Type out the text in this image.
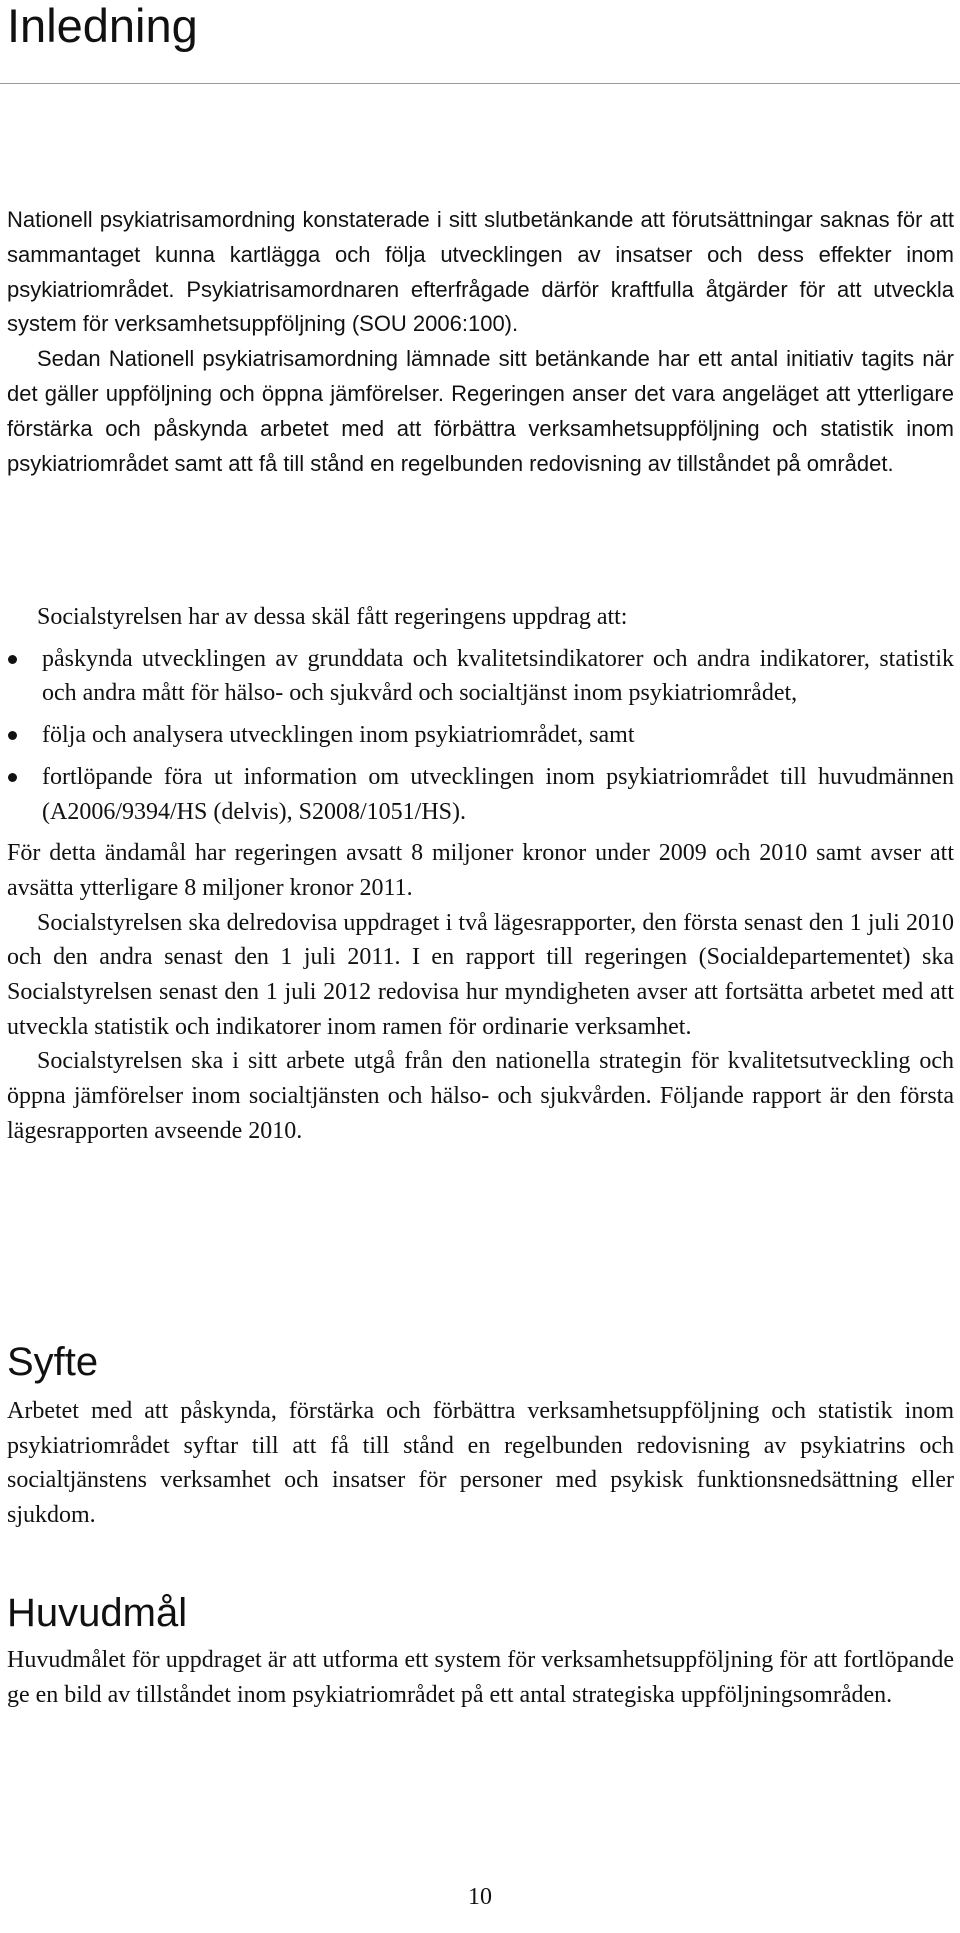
Inledning

Nationell psykiatrisamordning konstaterade i sitt slutbetänkande att förutsättningar saknas för att sammantaget kunna kartlägga och följa utvecklingen av insatser och dess effekter inom psykiatriområdet. Psykiatrisamordnaren efterfrågade därför kraftfulla åtgärder för att utveckla system för verksamhetsuppföljning (SOU 2006:100).

Sedan Nationell psykiatrisamordning lämnade sitt betänkande har ett antal initiativ tagits när det gäller uppföljning och öppna jämförelser. Regeringen anser det vara angeläget att ytterligare förstärka och påskynda arbetet med att förbättra verksamhetsuppföljning och statistik inom psykiatriområdet samt att få till stånd en regelbunden redovisning av tillståndet på området.

Socialstyrelsen har av dessa skäl fått regeringens uppdrag att:

påskynda utvecklingen av grunddata och kvalitetsindikatorer och andra indikatorer, statistik och andra mått för hälso- och sjukvård och socialtjänst inom psykiatriområdet,
följa och analysera utvecklingen inom psykiatriområdet, samt
fortlöpande föra ut information om utvecklingen inom psykiatriområdet till huvudmännen (A2006/9394/HS (delvis), S2008/1051/HS).

För detta ändamål har regeringen avsatt 8 miljoner kronor under 2009 och 2010 samt avser att avsätta ytterligare 8 miljoner kronor 2011.

Socialstyrelsen ska delredovisa uppdraget i två lägesrapporter, den första senast den 1 juli 2010 och den andra senast den 1 juli 2011. I en rapport till regeringen (Socialdepartementet) ska Socialstyrelsen senast den 1 juli 2012 redovisa hur myndigheten avser att fortsätta arbetet med att utveckla statistik och indikatorer inom ramen för ordinarie verksamhet.

Socialstyrelsen ska i sitt arbete utgå från den nationella strategin för kvalitetsutveckling och öppna jämförelser inom socialtjänsten och hälso- och sjukvården. Följande rapport är den första lägesrapporten avseende 2010.

Syfte

Arbetet med att påskynda, förstärka och förbättra verksamhetsuppföljning och statistik inom psykiatriområdet syftar till att få till stånd en regelbunden redovisning av psykiatrins och socialtjänstens verksamhet och insatser för personer med psykisk funktionsnedsättning eller sjukdom.

Huvudmål

Huvudmålet för uppdraget är att utforma ett system för verksamhetsuppföljning för att fortlöpande ge en bild av tillståndet inom psykiatriområdet på ett antal strategiska uppföljningsområden.

10
